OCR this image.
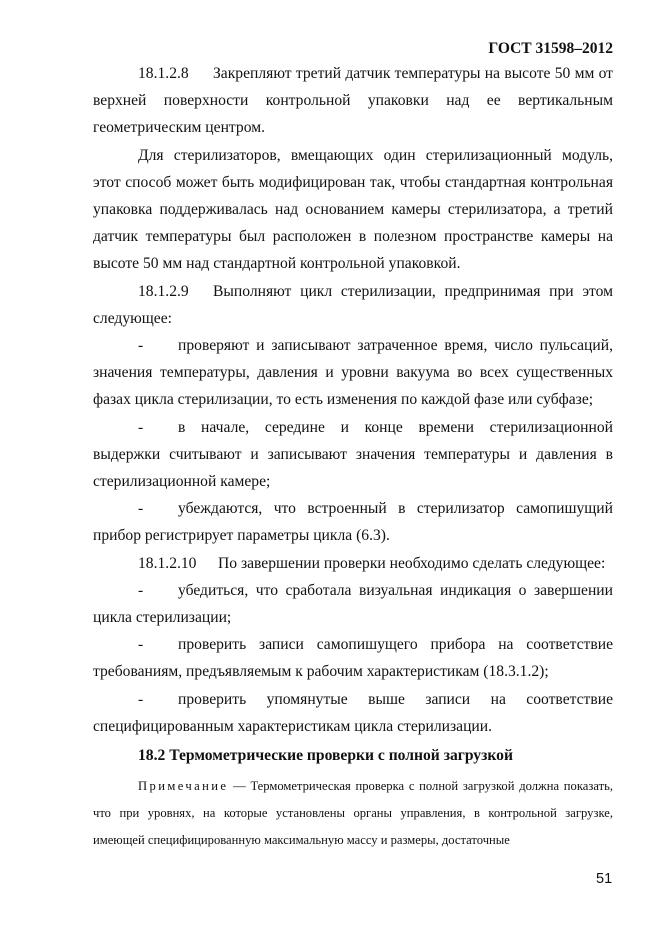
ГОСТ 31598–2012

18.1.2.8 Закрепляют третий датчик температуры на высоте 50 мм от верхней поверхности контрольной упаковки над ее вертикальным геометрическим центром.

Для стерилизаторов, вмещающих один стерилизационный модуль, этот способ может быть модифицирован так, чтобы стандартная контрольная упаковка поддерживалась над основанием камеры стерилизатора, а третий датчик температуры был расположен в полезном пространстве камеры на высоте 50 мм над стандартной контрольной упаковкой.

18.1.2.9 Выполняют цикл стерилизации, предпринимая при этом следующее:

- проверяют и записывают затраченное время, число пульсаций, значения температуры, давления и уровни вакуума во всех существенных фазах цикла стерилизации, то есть изменения по каждой фазе или субфазе;

- в начале, середине и конце времени стерилизационной выдержки считывают и записывают значения температуры и давления в стерилизационной камере;

- убеждаются, что встроенный в стерилизатор самопишущий прибор регистрирует параметры цикла (6.3).

18.1.2.10 По завершении проверки необходимо сделать следующее:

- убедиться, что сработала визуальная индикация о завершении цикла стерилизации;

- проверить записи самопишущего прибора на соответствие требованиям, предъявляемым к рабочим характеристикам (18.3.1.2);

- проверить упомянутые выше записи на соответствие специфицированным характеристикам цикла стерилизации.

18.2 Термометрические проверки с полной загрузкой

Примечание — Термометрическая проверка с полной загрузкой должна показать, что при уровнях, на которые установлены органы управления, в контрольной загрузке, имеющей специфицированную максимальную массу и размеры, достаточные

51
